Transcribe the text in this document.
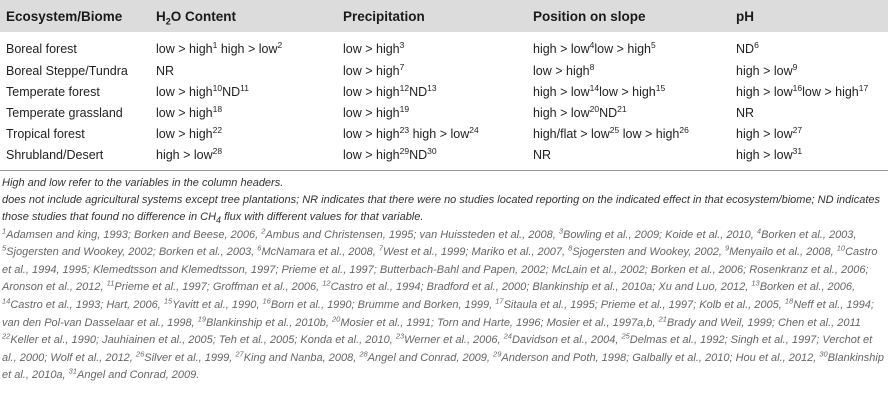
Ecosystem/Biome	$H_2O$ Content	Precipitation	Position on slope	pH
Boreal forest	low > high$^1$ high > low$^2$	low > high$^3$	high > low$^4$low > high$^5$	$ND^6$
Boreal Steppe/Tundra	NR	low > high$^7$	low > high$^8$	high > low$^9$
Temperate forest	low > $high^{10}ND^{11}$	low > $high^{12}ND^{13}$	high > low$^{14}$low > high$^{15}$	high > low$^{16}$low > high$^{17}$
Temperate grassland	low > high$^{18}$	low > high$^{19}$	high > $low^{20}ND^{21}$	NR
Tropical forest	low > high$^{22}$	low > high$^{23}$ high > low$^{24}$	high/flat > low$^{25}$ low > high$^{26}$	high > low$^{27}$
Shrubland/Desert	high > low$^{28}$	low > $high^{29}ND^{30}$	NR	high > low$^{31}$
High and low refer to the variables in the column headers.
does not include agricultural systems except tree plantations; NR indicates that there were no studies located reporting on the indicated effect in that ecosystem/biome; ND indicates those studies that found no difference in $CH_4$ flux with different values for that variable.
$^1$Adamsen and king, 1993; Borken and Beese, 2006, $^2$Ambus and Christensen, 1995; van Huissteden et al., 2008, $^3$Bowling et al., 2009; Koide et al., 2010, $^4$Borken et al., 2003, $^5$Sjogersten and Wookey, 2002; Borken et al., 2003, $^6$McNamara et al., 2008, $^7$West et al., 1999; Mariko et al., 2007, $^8$Sjogersten and Wookey, 2002, $^9$Menyailo et al., 2008, $^{10}$Castro et al., 1994, 1995; Klemedtsson and Klemedtsson, 1997; Prieme et al., 1997; Butterbach-Bahl and Papen, 2002; McLain et al., 2002; Borken et al., 2006; Rosenkranz et al., 2006; Aronson et al., 2012, $^{11}$Prieme et al., 1997; Groffman et al., 2006, $^{12}$Castro et al., 1994; Bradford et al., 2000; Blankinship et al., 2010a; Xu and Luo, 2012, $^{13}$Borken et al., 2006, $^{14}$Castro et al., 1993; Hart, 2006, $^{15}$Yavitt et al., 1990, $^{16}$Born et al., 1990; Brumme and Borken, 1999, $^{17}$Sitaula et al., 1995; Prieme et al., 1997; Kolb et al., 2005, $^{18}$Neff et al., 1994; van den Pol-van Dasselaar et al., 1998, $^{19}$Blankinship et al., 2010b, $^{20}$Mosier et al., 1991; Torn and Harte, 1996; Mosier et al., 1997a,b, $^{21}$Brady and Weil, 1999; Chen et al., 2011 $^{22}$Keller et al., 1990; Jauhiainen et al., 2005; Teh et al., 2005; Konda et al., 2010, $^{23}$Werner et al., 2006, $^{24}$Davidson et al., 2004, $^{25}$Delmas et al., 1992; Singh et al., 1997; Verchot et al., 2000; Wolf et al., 2012, $^{26}$Silver et al., 1999, $^{27}$King and Nanba, 2008, $^{28}$Angel and Conrad, 2009, $^{29}$Anderson and Poth, 1998; Galbally et al., 2010; Hou et al., 2012, $^{30}$Blankinship et al., 2010a, $^{31}$Angel and Conrad, 2009.
